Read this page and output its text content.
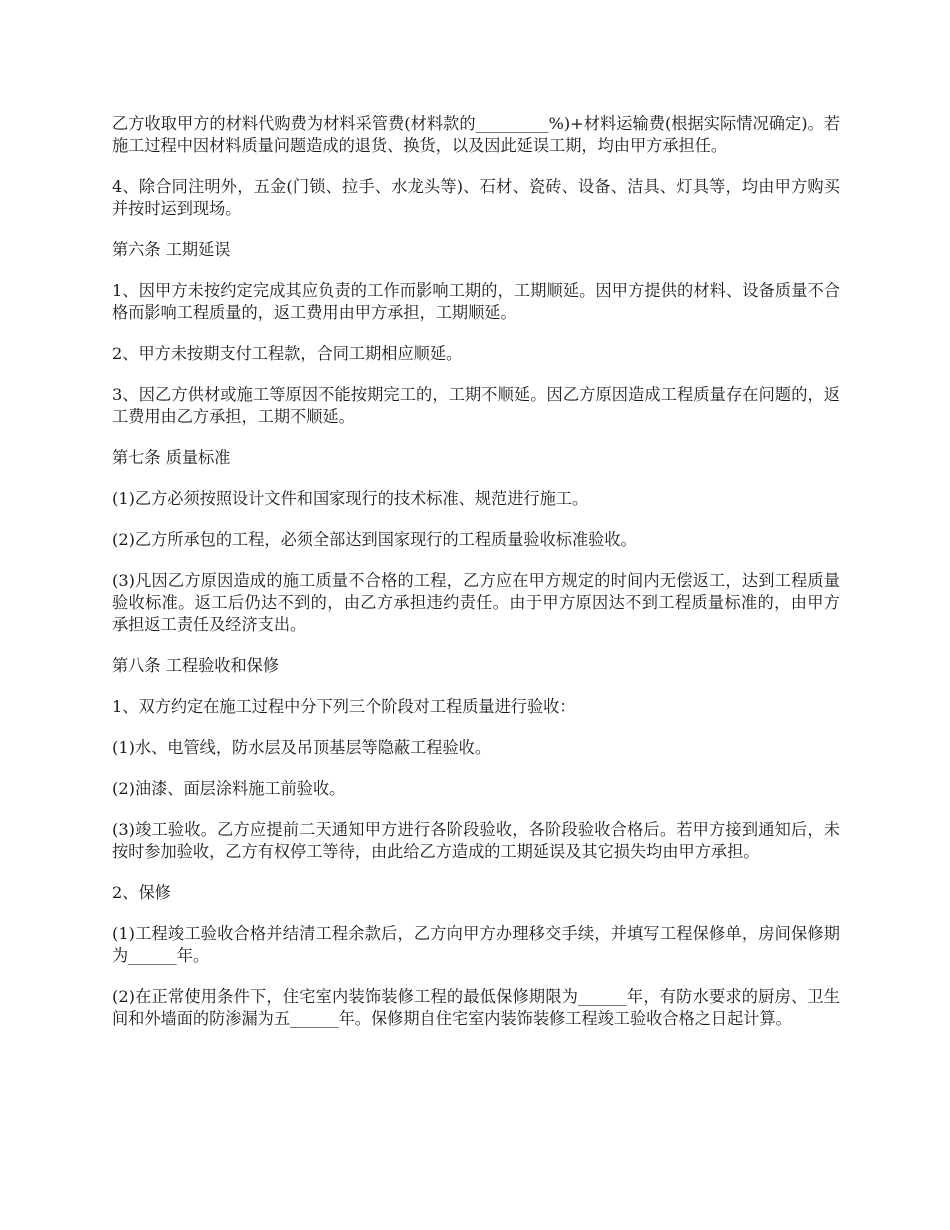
乙方收取甲方的材料代购费为材料采管费(材料款的_________%)+材料运输费(根据实际情况确定)。若施工过程中因材料质量问题造成的退货、换货，以及因此延误工期，均由甲方承担任。

4、除合同注明外，五金(门锁、拉手、水龙头等)、石材、瓷砖、设备、洁具、灯具等，均由甲方购买并按时运到现场。

第六条 工期延误

1、因甲方未按约定完成其应负责的工作而影响工期的，工期顺延。因甲方提供的材料、设备质量不合格而影响工程质量的，返工费用由甲方承担，工期顺延。

2、甲方未按期支付工程款，合同工期相应顺延。

3、因乙方供材或施工等原因不能按期完工的，工期不顺延。因乙方原因造成工程质量存在问题的，返工费用由乙方承担，工期不顺延。

第七条 质量标准

(1)乙方必须按照设计文件和国家现行的技术标准、规范进行施工。

(2)乙方所承包的工程，必须全部达到国家现行的工程质量验收标准验收。

(3)凡因乙方原因造成的施工质量不合格的工程，乙方应在甲方规定的时间内无偿返工，达到工程质量验收标准。返工后仍达不到的，由乙方承担违约责任。由于甲方原因达不到工程质量标准的，由甲方承担返工责任及经济支出。

第八条 工程验收和保修

1、双方约定在施工过程中分下列三个阶段对工程质量进行验收：

(1)水、电管线，防水层及吊顶基层等隐蔽工程验收。

(2)油漆、面层涂料施工前验收。

(3)竣工验收。乙方应提前二天通知甲方进行各阶段验收，各阶段验收合格后。若甲方接到通知后，未按时参加验收，乙方有权停工等待，由此给乙方造成的工期延误及其它损失均由甲方承担。

2、保修

(1)工程竣工验收合格并结清工程余款后，乙方向甲方办理移交手续，并填写工程保修单，房间保修期为______年。

(2)在正常使用条件下，住宅室内装饰装修工程的最低保修期限为______年，有防水要求的厨房、卫生间和外墙面的防渗漏为五______年。保修期自住宅室内装饰装修工程竣工验收合格之日起计算。
